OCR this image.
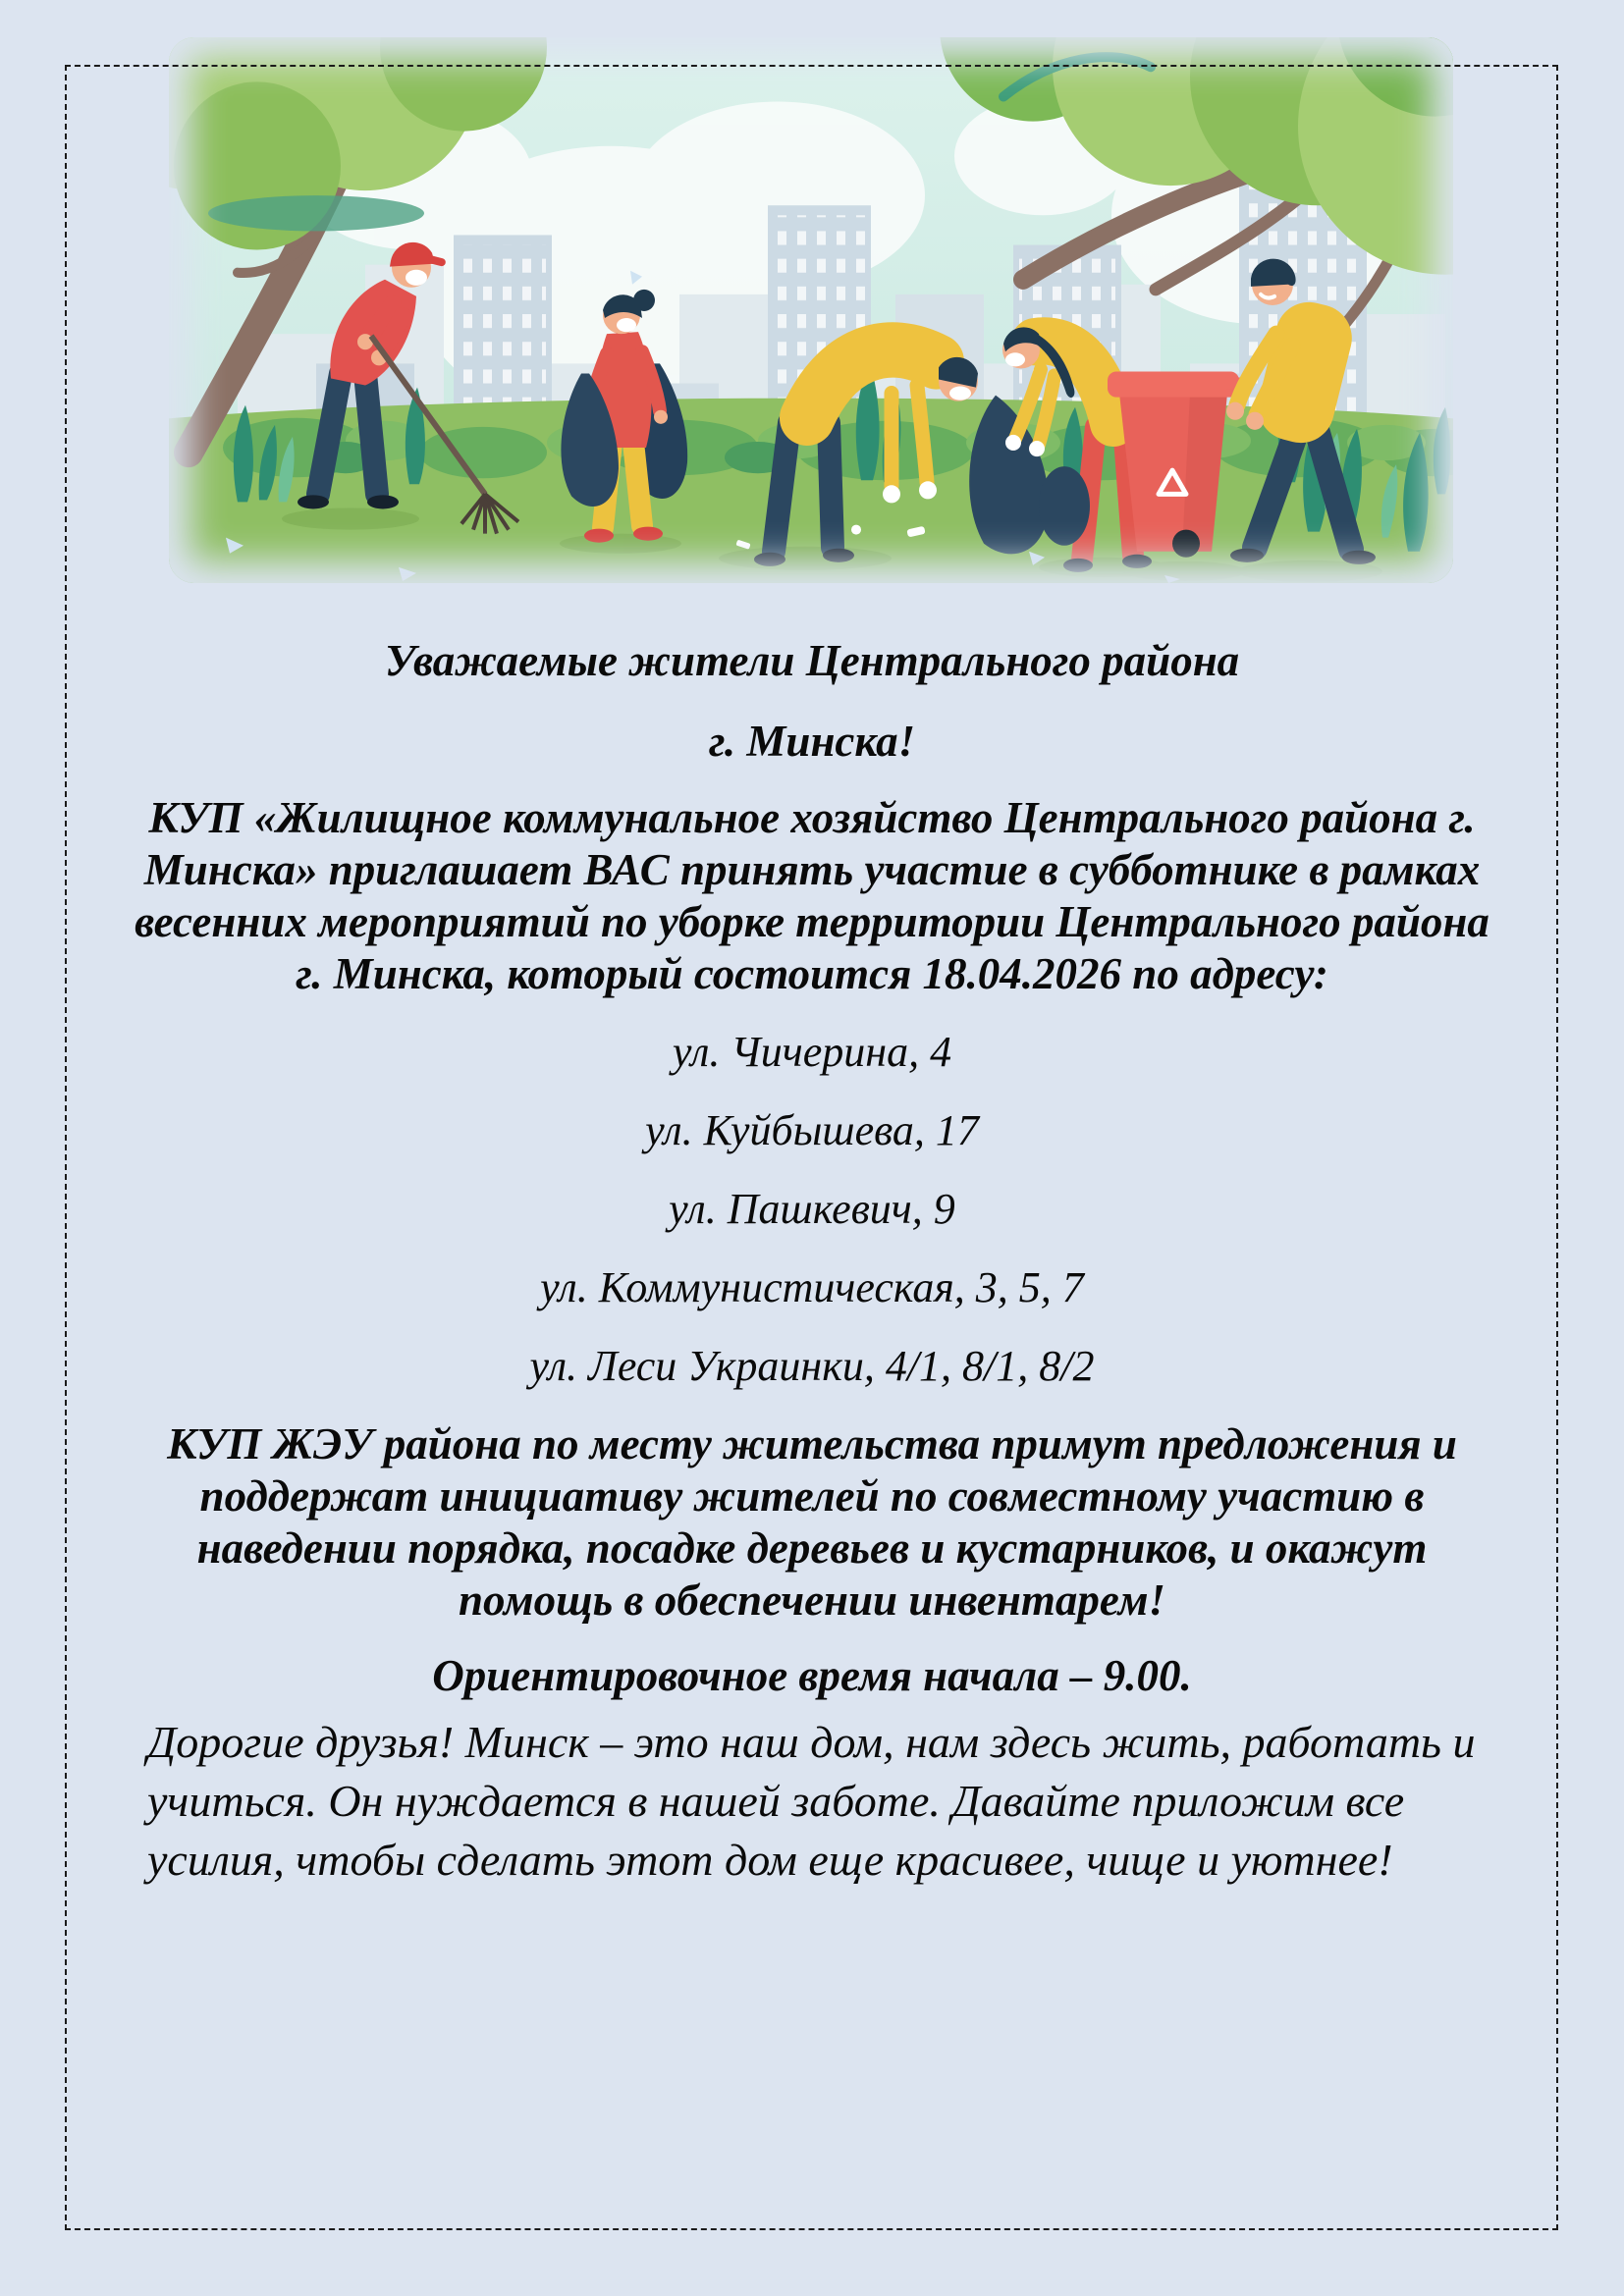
Уважаемые жители Центрального района
г. Минска!
КУП «Жилищное коммунальное хозяйство Центрального района г.
Минска» приглашает ВАС принять участие в субботнике в рамках
весенних мероприятий по уборке территории Центрального района
г. Минска, который состоится 18.04.2026 по адресу:
ул. Чичерина, 4
ул. Куйбышева, 17
ул. Пашкевич, 9
ул. Коммунистическая, 3, 5, 7
ул. Леси Украинки, 4/1, 8/1, 8/2
КУП ЖЭУ района по месту жительства примут предложения и
поддержат инициативу жителей по совместному участию в
наведении порядка, посадке деревьев и кустарников, и окажут
помощь в обеспечении инвентарем!
Ориентировочное время начала – 9.00.
Дорогие друзья! Минск – это наш дом, нам здесь жить, работать и
учиться. Он нуждается в нашей заботе. Давайте приложим все
усилия, чтобы сделать этот дом еще красивее, чище и уютнее!
